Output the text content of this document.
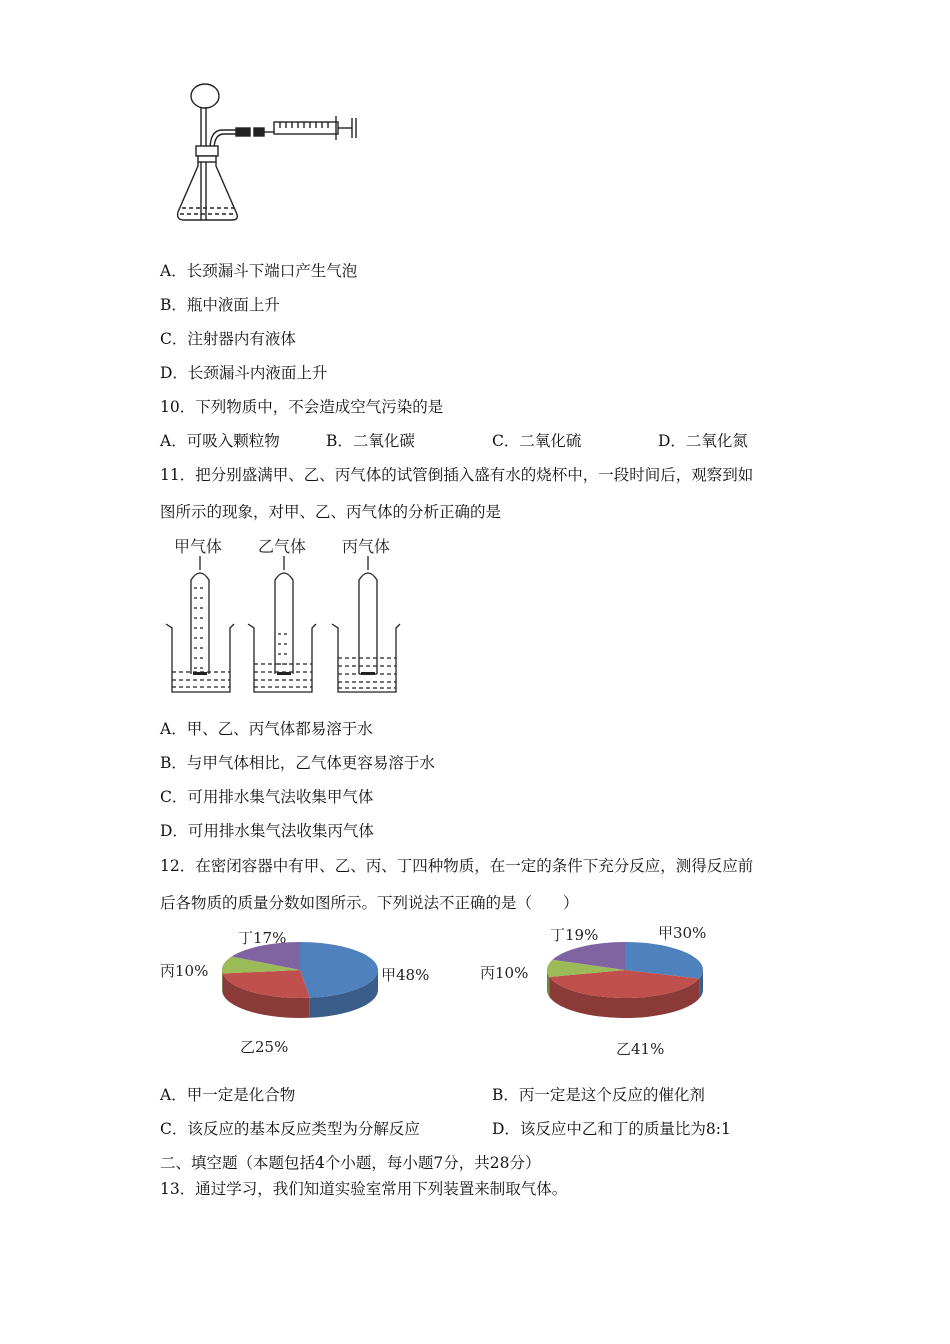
A．长颈漏斗下端口产生气泡

B．瓶中液面上升

C．注射器内有液体

D．长颈漏斗内液面上升

10．下列物质中，不会造成空气污染的是

A．可吸入颗粒物	B．二氧化碳	C．二氧化硫	D．二氧化氮

11．把分别盛满甲、乙、丙气体的试管倒插入盛有水的烧杯中，一段时间后，观察到如

图所示的现象，对甲、乙、丙气体的分析正确的是

甲气体 乙气体 丙气体

A．甲、乙、丙气体都易溶于水

B．与甲气体相比，乙气体更容易溶于水

C．可用排水集气法收集甲气体

D．可用排水集气法收集丙气体

12．在密闭容器中有甲、乙、丙、丁四种物质，在一定的条件下充分反应，测得反应前

后各物质的质量分数如图所示。下列说法不正确的是（　　）

丁17%
丙10%	甲48%
乙25%
丁19%	甲30%
丙10%
乙41%
A．甲一定是化合物	B．丙一定是这个反应的催化剂
C．该反应的基本反应类型为分解反应	D．该反应中乙和丁的质量比为8:1

二、填空题（本题包括4个小题，每小题7分，共28分）

13．通过学习，我们知道实验室常用下列装置来制取气体。
